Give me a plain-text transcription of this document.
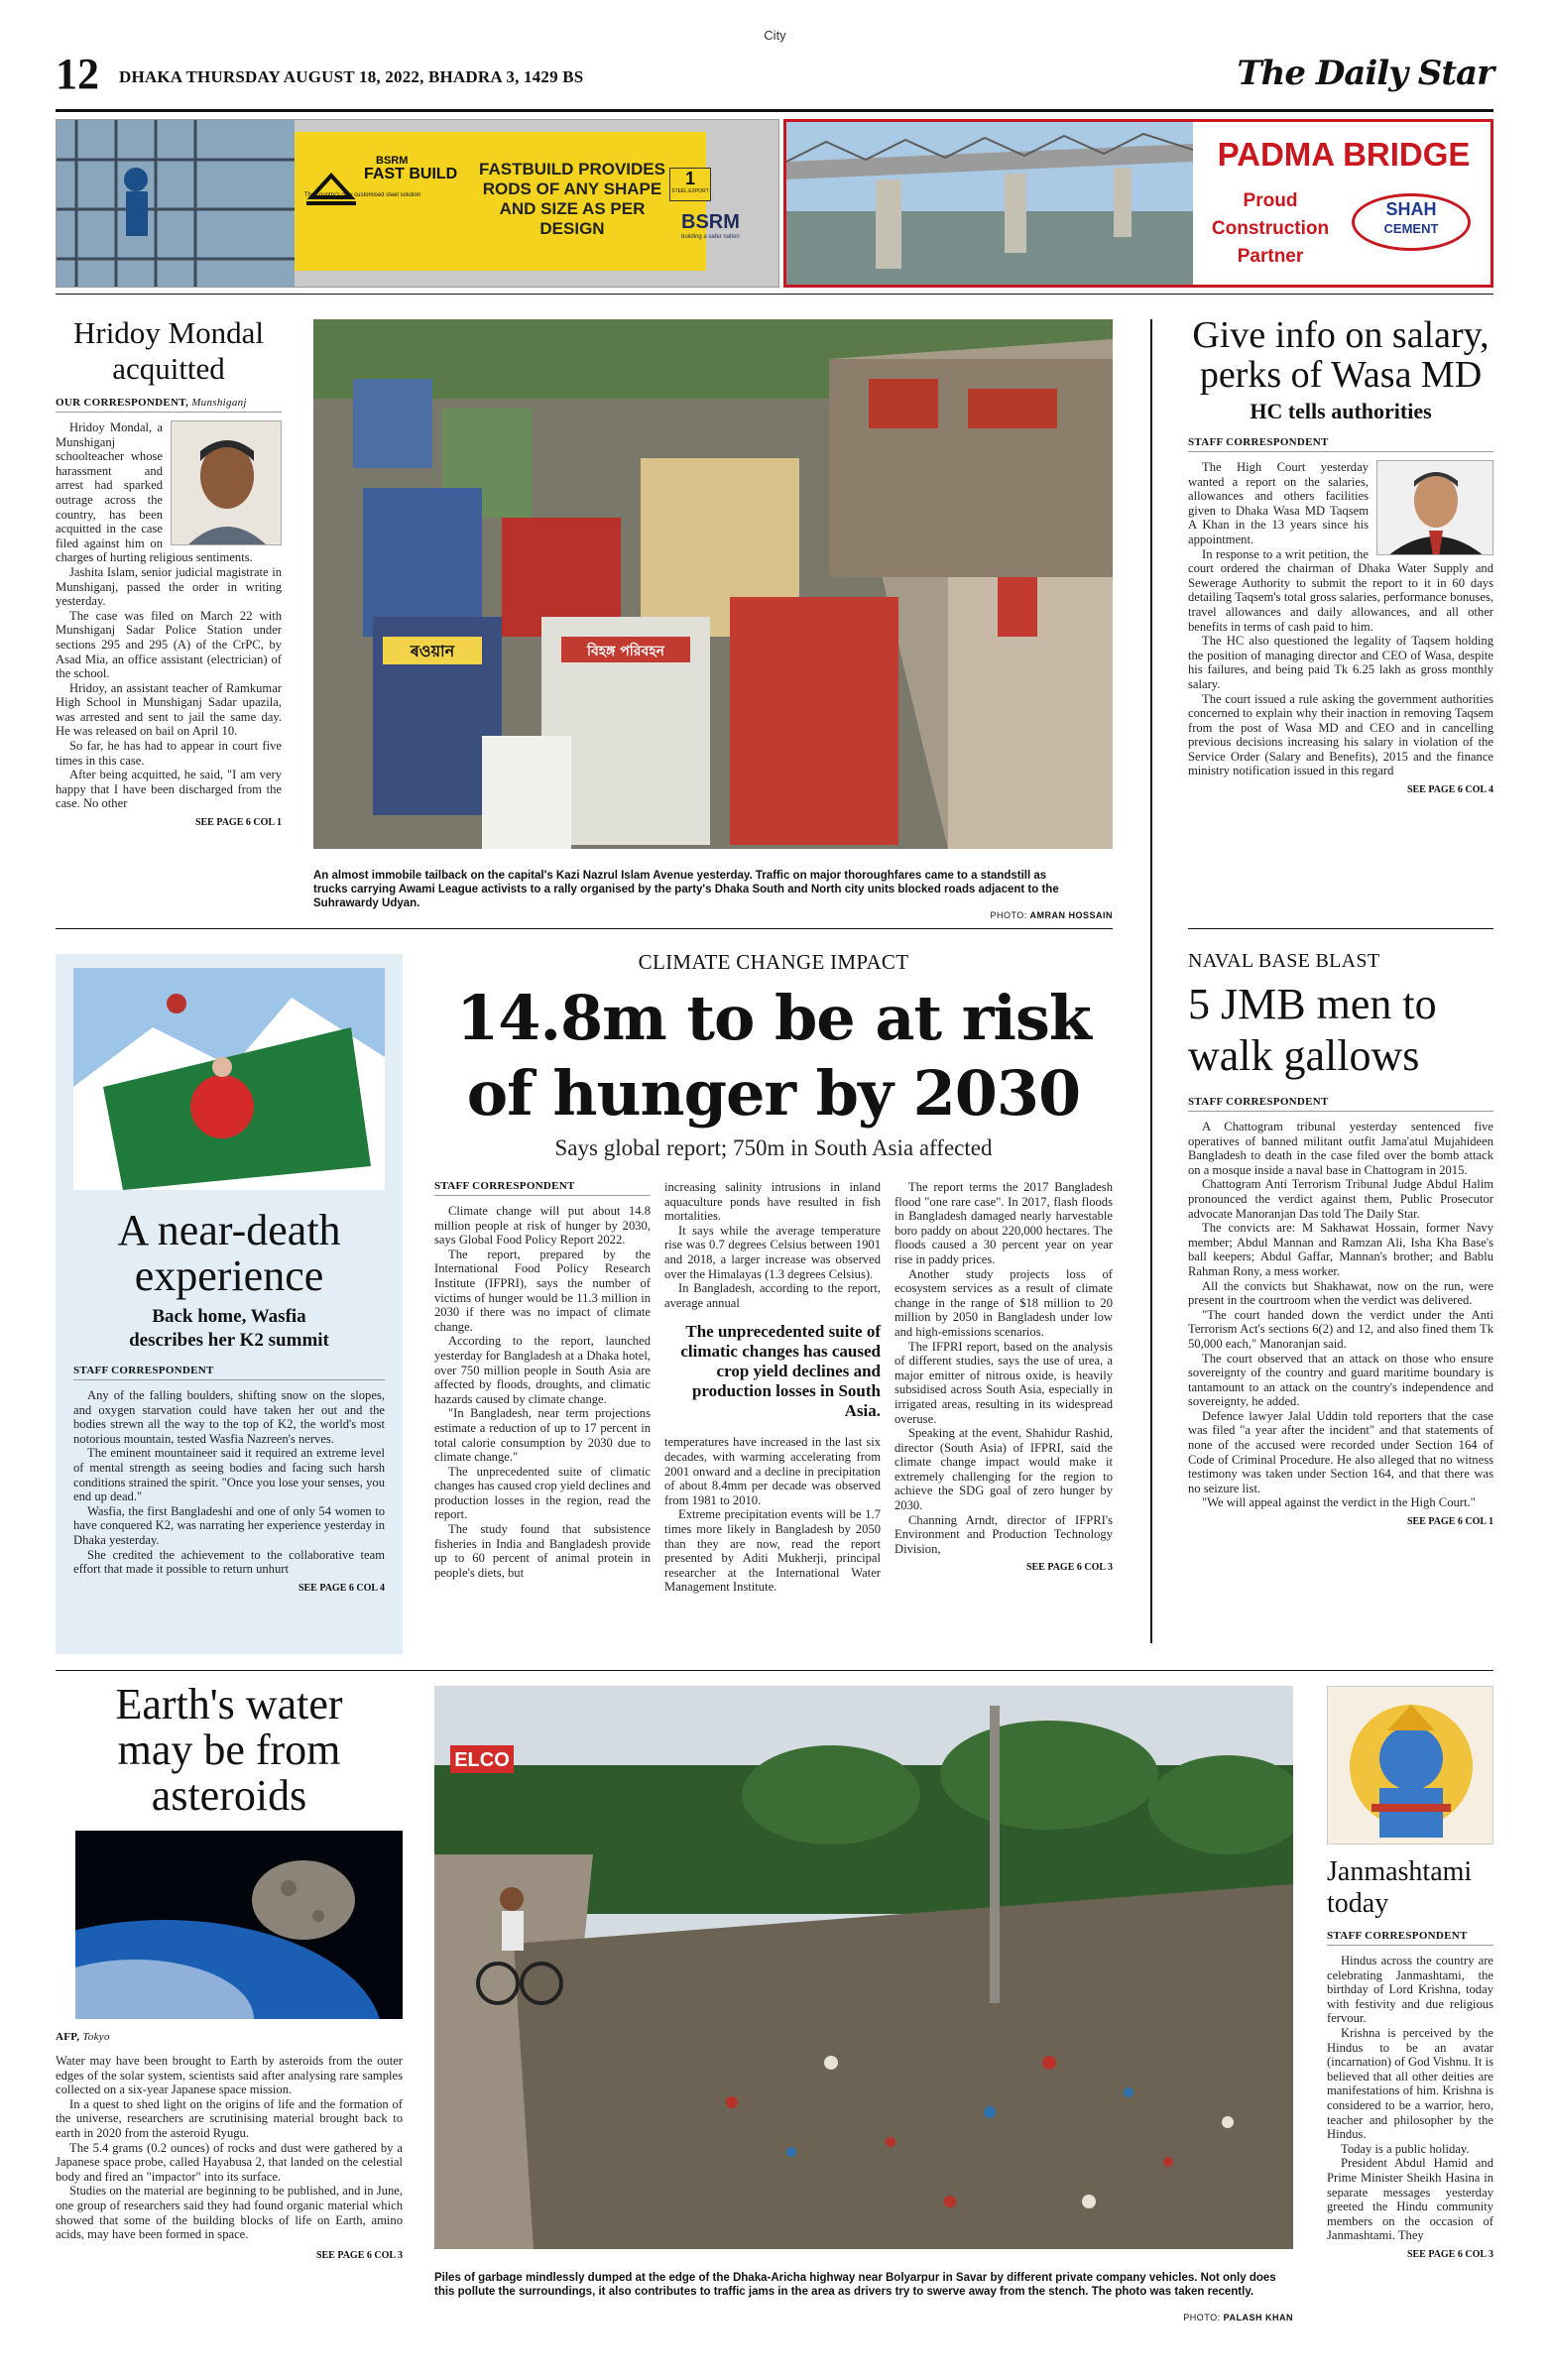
City
12 DHAKA THURSDAY AUGUST 18, 2022, BHADRA 3, 1429 BS	The Daily Star
BSRM
FAST BUILD
The country's only customised steel solution
FASTBUILD PROVIDES RODS OF ANY SHAPE AND SIZE AS PER DESIGN
1
STEEL EXPORT
BSRM
building a safer nation
PADMA BRIDGE
Proud
Construction
Partner
SHAH
CEMENT
Hridoy Mondal acquitted
OUR CORRESPONDENT, Munshiganj

Hridoy Mondal, a Munshiganj schoolteacher whose harassment and arrest had sparked outrage across the country, has been acquitted in the case filed against him on charges of hurting religious sentiments.

Jashita Islam, senior judicial magistrate in Munshiganj, passed the order in writing yesterday.

The case was filed on March 22 with Munshiganj Sadar Police Station under sections 295 and 295 (A) of the CrPC, by Asad Mia, an office assistant (electrician) of the school.

Hridoy, an assistant teacher of Ramkumar High School in Munshiganj Sadar upazila, was arrested and sent to jail the same day. He was released on bail on April 10.

So far, he has had to appear in court five times in this case.

After being acquitted, he said, "I am very happy that I have been discharged from the case. No other

SEE PAGE 6 COL 1
ৰওয়ান	বিহঙ্গ পরিবহন
An almost immobile tailback on the capital's Kazi Nazrul Islam Avenue yesterday. Traffic on major thoroughfares came to a standstill as trucks carrying Awami League activists to a rally organised by the party's Dhaka South and North city units blocked roads adjacent to the Suhrawardy Udyan.
PHOTO: AMRAN HOSSAIN
Give info on salary, perks of Wasa MD
HC tells authorities
STAFF CORRESPONDENT

The High Court yesterday wanted a report on the salaries, allowances and others facilities given to Dhaka Wasa MD Taqsem A Khan in the 13 years since his appointment.

In response to a writ petition, the court ordered the chairman of Dhaka Water Supply and Sewerage Authority to submit the report to it in 60 days detailing Taqsem's total gross salaries, performance bonuses, travel allowances and daily allowances, and all other benefits in terms of cash paid to him.

The HC also questioned the legality of Taqsem holding the position of managing director and CEO of Wasa, despite his failures, and being paid Tk 6.25 lakh as gross monthly salary.

The court issued a rule asking the government authorities concerned to explain why their inaction in removing Taqsem from the post of Wasa MD and CEO and in cancelling previous decisions increasing his salary in violation of the Service Order (Salary and Benefits), 2015 and the finance ministry notification issued in this regard

SEE PAGE 6 COL 4
A near-death experience
Back home, Wasfia describes her K2 summit
STAFF CORRESPONDENT

Any of the falling boulders, shifting snow on the slopes, and oxygen starvation could have taken her out and the bodies strewn all the way to the top of K2, the world's most notorious mountain, tested Wasfia Nazreen's nerves.

The eminent mountaineer said it required an extreme level of mental strength as seeing bodies and facing such harsh conditions strained the spirit. "Once you lose your senses, you end up dead."

Wasfia, the first Bangladeshi and one of only 54 women to have conquered K2, was narrating her experience yesterday in Dhaka yesterday.

She credited the achievement to the collaborative team effort that made it possible to return unhurt

SEE PAGE 6 COL 4
CLIMATE CHANGE IMPACT
14.8m to be at risk
of hunger by 2030
Says global report; 750m in South Asia affected
STAFF CORRESPONDENT

Climate change will put about 14.8 million people at risk of hunger by 2030, says Global Food Policy Report 2022.

The report, prepared by the International Food Policy Research Institute (IFPRI), says the number of victims of hunger would be 11.3 million in 2030 if there was no impact of climate change.

According to the report, launched yesterday for Bangladesh at a Dhaka hotel, over 750 million people in South Asia are affected by floods, droughts, and climatic hazards caused by climate change.

"In Bangladesh, near term projections estimate a reduction of up to 17 percent in total calorie consumption by 2030 due to climate change."

The unprecedented suite of climatic changes has caused crop yield declines and production losses in the region, read the report.

The study found that subsistence fisheries in India and Bangladesh provide up to 60 percent of animal protein in people's diets, but

increasing salinity intrusions in inland aquaculture ponds have resulted in fish mortalities.

It says while the average temperature rise was 0.7 degrees Celsius between 1901 and 2018, a larger increase was observed over the Himalayas (1.3 degrees Celsius).

In Bangladesh, according to the report, average annual

The unprecedented suite of climatic changes has caused crop yield declines and production losses in South Asia.

temperatures have increased in the last six decades, with warming accelerating from 2001 onward and a decline in precipitation of about 8.4mm per decade was observed from 1981 to 2010.

Extreme precipitation events will be 1.7 times more likely in Bangladesh by 2050 than they are now, read the report presented by Aditi Mukherji, principal researcher at the International Water Management Institute.

The report terms the 2017 Bangladesh flood "one rare case". In 2017, flash floods in Bangladesh damaged nearly harvestable boro paddy on about 220,000 hectares. The floods caused a 30 percent year on year rise in paddy prices.

Another study projects loss of ecosystem services as a result of climate change in the range of $18 million to 20 million by 2050 in Bangladesh under low and high-emissions scenarios.

The IFPRI report, based on the analysis of different studies, says the use of urea, a major emitter of nitrous oxide, is heavily subsidised across South Asia, especially in irrigated areas, resulting in its widespread overuse.

Speaking at the event, Shahidur Rashid, director (South Asia) of IFPRI, said the climate change impact would make it extremely challenging for the region to achieve the SDG goal of zero hunger by 2030.

Channing Arndt, director of IFPRI's Environment and Production Technology Division,

SEE PAGE 6 COL 3
NAVAL BASE BLAST
5 JMB men to walk gallows
STAFF CORRESPONDENT

A Chattogram tribunal yesterday sentenced five operatives of banned militant outfit Jama'atul Mujahideen Bangladesh to death in the case filed over the bomb attack on a mosque inside a naval base in Chattogram in 2015.

Chattogram Anti Terrorism Tribunal Judge Abdul Halim pronounced the verdict against them, Public Prosecutor advocate Manoranjan Das told The Daily Star.

The convicts are: M Sakhawat Hossain, former Navy member; Abdul Mannan and Ramzan Ali, Isha Kha Base's ball keepers; Abdul Gaffar, Mannan's brother; and Bablu Rahman Rony, a mess worker.

All the convicts but Shakhawat, now on the run, were present in the courtroom when the verdict was delivered.

"The court handed down the verdict under the Anti Terrorism Act's sections 6(2) and 12, and also fined them Tk 50,000 each," Manoranjan said.

The court observed that an attack on those who ensure sovereignty of the country and guard maritime boundary is tantamount to an attack on the country's independence and sovereignty, he added.

Defence lawyer Jalal Uddin told reporters that the case was filed "a year after the incident" and that statements of none of the accused were recorded under Section 164 of Code of Criminal Procedure. He also alleged that no witness testimony was taken under Section 164, and that there was no seizure list.

"We will appeal against the verdict in the High Court."

SEE PAGE 6 COL 1
Earth's water may be from asteroids
AFP, Tokyo

Water may have been brought to Earth by asteroids from the outer edges of the solar system, scientists said after analysing rare samples collected on a six-year Japanese space mission.

In a quest to shed light on the origins of life and the formation of the universe, researchers are scrutinising material brought back to earth in 2020 from the asteroid Ryugu.

The 5.4 grams (0.2 ounces) of rocks and dust were gathered by a Japanese space probe, called Hayabusa 2, that landed on the celestial body and fired an "impactor" into its surface.

Studies on the material are beginning to be published, and in June, one group of researchers said they had found organic material which showed that some of the building blocks of life on Earth, amino acids, may have been formed in space.

SEE PAGE 6 COL 3
ELCO
Piles of garbage mindlessly dumped at the edge of the Dhaka-Aricha highway near Bolyarpur in Savar by different private company vehicles. Not only does this pollute the surroundings, it also contributes to traffic jams in the area as drivers try to swerve away from the stench. The photo was taken recently.
PHOTO: PALASH KHAN
Janmashtami today
STAFF CORRESPONDENT

Hindus across the country are celebrating Janmashtami, the birthday of Lord Krishna, today with festivity and due religious fervour.

Krishna is perceived by the Hindus to be an avatar (incarnation) of God Vishnu. It is believed that all other deities are manifestations of him. Krishna is considered to be a warrior, hero, teacher and philosopher by the Hindus.

Today is a public holiday.

President Abdul Hamid and Prime Minister Sheikh Hasina in separate messages yesterday greeted the Hindu community members on the occasion of Janmashtami. They

SEE PAGE 6 COL 3
